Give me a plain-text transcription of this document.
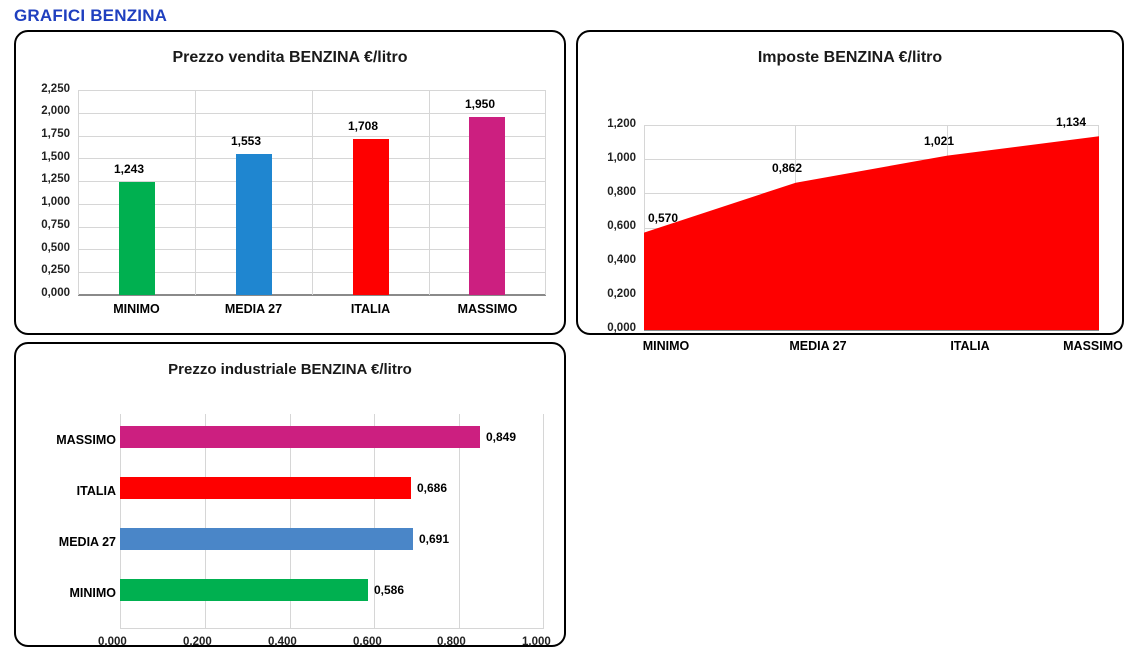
GRAFICI BENZINA
Prezzo vendita BENZINA €/litro
0,000
0,250
0,500
0,750
1,000
1,250
1,500
1,750
2,000
2,250
1,243
1,553
1,708
1,950
MINIMO	MEDIA 27	ITALIA	MASSIMO
Imposte BENZINA €/litro
0,000
0,200
0,400
0,600
0,800
1,000
1,200
0,570
0,862
1,021
1,134
MINIMO	MEDIA 27	ITALIA	MASSIMO
Prezzo industriale BENZINA €/litro
MASSIMO
ITALIA
MEDIA 27
MINIMO
0,849
0,686
0,691
0,586
0,000	0,200	0,400	0,600	0,800	1,000
